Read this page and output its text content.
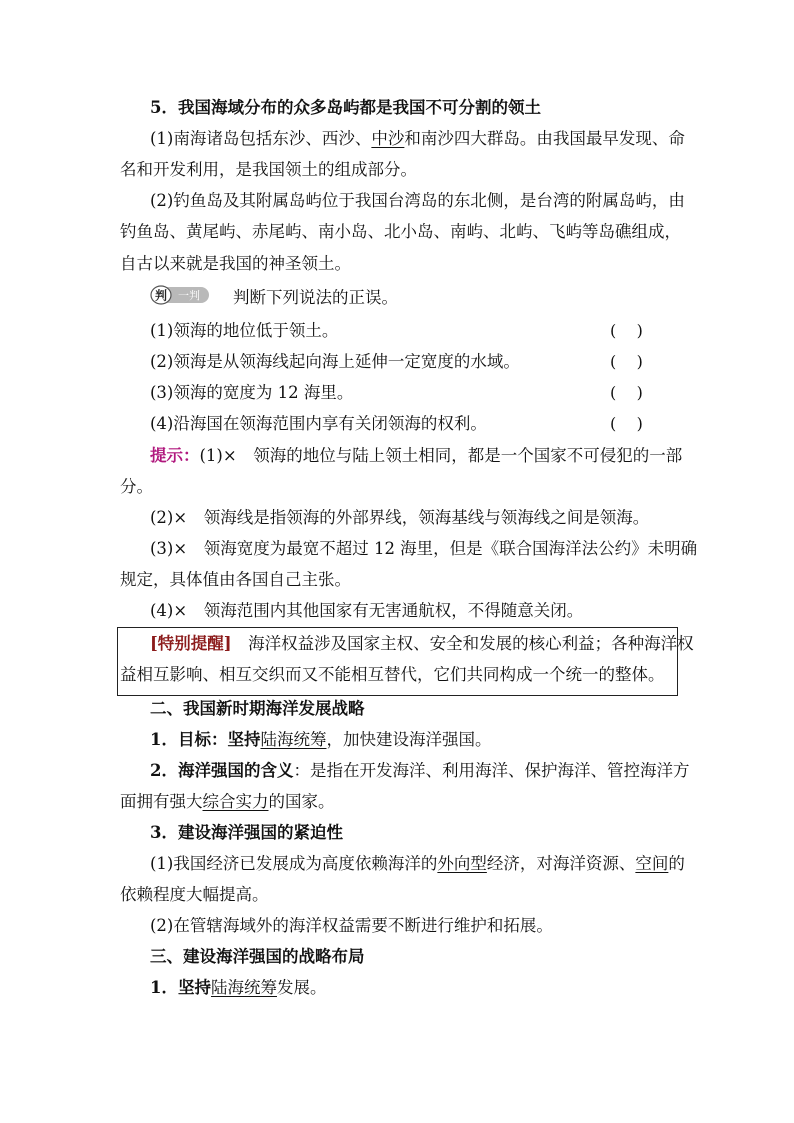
5．我国海域分布的众多岛屿都是我国不可分割的领土
(1)南海诸岛包括东沙、西沙、中沙和南沙四大群岛。由我国最早发现、命
名和开发利用，是我国领土的组成部分。
(2)钓鱼岛及其附属岛屿位于我国台湾岛的东北侧，是台湾的附属岛屿，由
钓鱼岛、黄尾屿、赤尾屿、南小岛、北小岛、南屿、北屿、飞屿等岛礁组成，
自古以来就是我国的神圣领土。
判 一判 判断下列说法的正误。
(1)领海的地位低于领土。	(    )
(2)领海是从领海线起向海上延伸一定宽度的水域。	(    )
(3)领海的宽度为 12 海里。	(    )
(4)沿海国在领海范围内享有关闭领海的权利。	(    )
提示：(1)×　领海的地位与陆上领土相同，都是一个国家不可侵犯的一部
分。
(2)×　领海线是指领海的外部界线，领海基线与领海线之间是领海。
(3)×　领海宽度为最宽不超过 12 海里，但是《联合国海洋法公约》未明确
规定，具体值由各国自己主张。
(4)×　领海范围内其他国家有无害通航权，不得随意关闭。
[特别提醒]　海洋权益涉及国家主权、安全和发展的核心利益；各种海洋权
益相互影响、相互交织而又不能相互替代，它们共同构成一个统一的整体。
二、我国新时期海洋发展战略
1．目标：坚持陆海统筹，加快建设海洋强国。
2．海洋强国的含义：是指在开发海洋、利用海洋、保护海洋、管控海洋方
面拥有强大综合实力的国家。
3．建设海洋强国的紧迫性
(1)我国经济已发展成为高度依赖海洋的外向型经济，对海洋资源、空间的
依赖程度大幅提高。
(2)在管辖海域外的海洋权益需要不断进行维护和拓展。
三、建设海洋强国的战略布局
1．坚持陆海统筹发展。
